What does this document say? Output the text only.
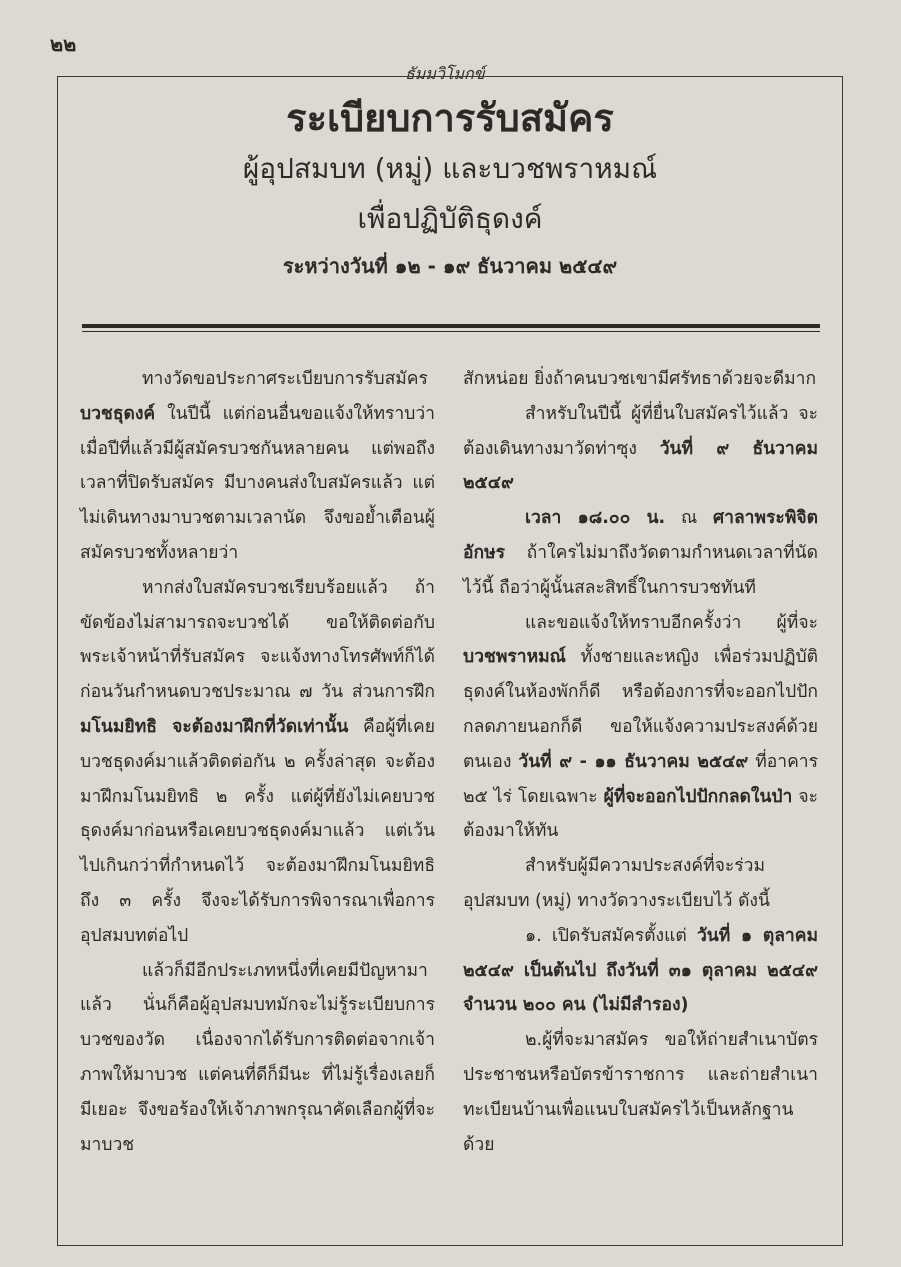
๒๒
ธัมมวิโมกข์
ระเบียบการรับสมัคร

ผู้อุปสมบท (หมู่) และบวชพราหมณ์

เพื่อปฏิบัติธุดงค์

ระหว่างวันที่ ๑๒ - ๑๙ ธันวาคม ๒๕๔๙

ทางวัดขอประกาศระเบียบการรับสมัคร บวชธุดงค์ ในปีนี้ แต่ก่อนอื่นขอแจ้งให้ทราบว่า เมื่อปีที่แล้วมีผู้สมัครบวชกันหลายคน แต่พอถึงเวลาที่ปิดรับสมัคร มีบางคนส่งใบสมัครแล้ว แต่ไม่เดินทางมาบวชตามเวลานัด จึงขอย้ำเตือนผู้สมัครบวชทั้งหลายว่า

หากส่งใบสมัครบวชเรียบร้อยแล้ว ถ้าขัดข้องไม่สามารถจะบวชได้ ขอให้ติดต่อกับพระเจ้าหน้าที่รับสมัคร จะแจ้งทางโทรศัพท์ก็ได้ ก่อนวันกำหนดบวชประมาณ ๗ วัน ส่วนการฝึก มโนมยิทธิ จะต้องมาฝึกที่วัดเท่านั้น คือผู้ที่เคยบวชธุดงค์มาแล้วติดต่อกัน ๒ ครั้งล่าสุด จะต้องมาฝึกมโนมยิทธิ ๒ ครั้ง แต่ผู้ที่ยังไม่เคยบวชธุดงค์มาก่อนหรือเคยบวชธุดงค์มาแล้ว แต่เว้นไปเกินกว่าที่กำหนดไว้ จะต้องมาฝึกมโนมยิทธิถึง ๓ ครั้ง จึงจะได้รับการพิจารณาเพื่อการอุปสมบทต่อไป

แล้วก็มีอีกประเภทหนึ่งที่เคยมีปัญหามาแล้ว นั่นก็คือผู้อุปสมบทมักจะไม่รู้ระเบียบการบวชของวัด เนื่องจากได้รับการติดต่อจากเจ้าภาพให้มาบวช แต่คนที่ดีก็มีนะ ที่ไม่รู้เรื่องเลยก็มีเยอะ จึงขอร้องให้เจ้าภาพกรุณาคัดเลือกผู้ที่จะมาบวช

สักหน่อย ยิ่งถ้าคนบวชเขามีศรัทธาด้วยจะดีมาก

สำหรับในปีนี้ ผู้ที่ยื่นใบสมัครไว้แล้ว จะต้องเดินทางมาวัดท่าซุง วันที่ ๙ ธันวาคม ๒๕๔๙

เวลา ๑๘.๐๐ น. ณ ศาลาพระพิจิตอักษร ถ้าใครไม่มาถึงวัดตามกำหนดเวลาที่นัดไว้นี้ ถือว่าผู้นั้นสละสิทธิ์ในการบวชทันที

และขอแจ้งให้ทราบอีกครั้งว่า ผู้ที่จะบวชพราหมณ์ ทั้งชายและหญิง เพื่อร่วมปฏิบัติธุดงค์ในห้องพักก็ดี หรือต้องการที่จะออกไปปักกลดภายนอกก็ดี ขอให้แจ้งความประสงค์ด้วยตนเอง วันที่ ๙ - ๑๑ ธันวาคม ๒๕๔๙ ที่อาคาร ๒๕ ไร่ โดยเฉพาะ ผู้ที่จะออกไปปักกลดในป่า จะต้องมาให้ทัน

สำหรับผู้มีความประสงค์ที่จะร่วมอุปสมบท (หมู่) ทางวัดวางระเบียบไว้ ดังนี้

๑. เปิดรับสมัครตั้งแต่ วันที่ ๑ ตุลาคม ๒๕๔๙ เป็นต้นไป ถึงวันที่ ๓๑ ตุลาคม ๒๕๔๙ จำนวน ๒๐๐ คน (ไม่มีสำรอง)

๒.ผู้ที่จะมาสมัคร ขอให้ถ่ายสำเนาบัตรประชาชนหรือบัตรข้าราชการ และถ่ายสำเนาทะเบียนบ้านเพื่อแนบใบสมัครไว้เป็นหลักฐานด้วย
